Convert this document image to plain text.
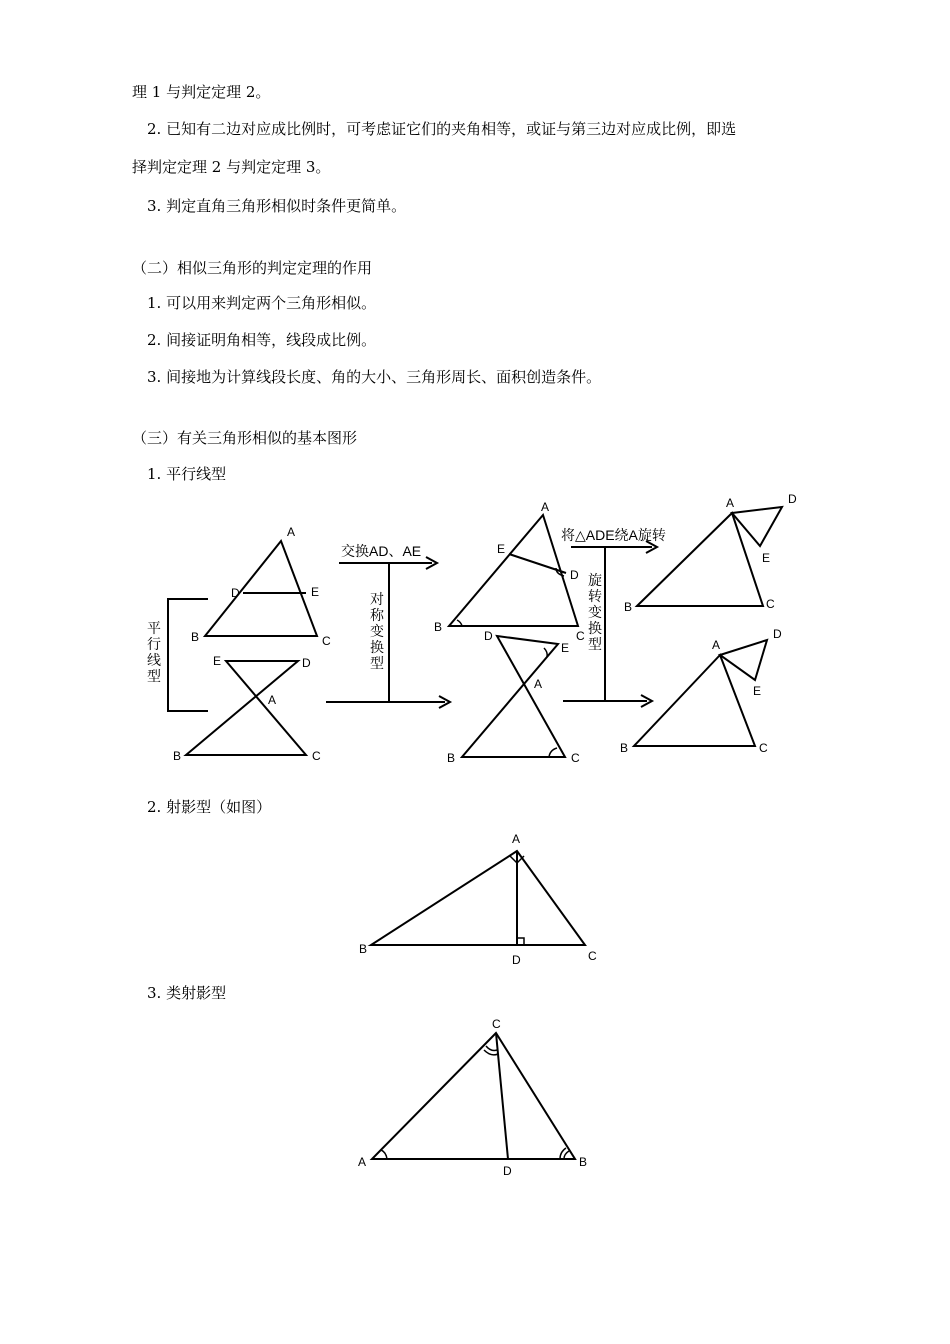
理 1 与判定定理 2。
2. 已知有二边对应成比例时，可考虑证它们的夹角相等，或证与第三边对应成比例，即选
择判定定理 2 与判定定理 3。
3. 判定直角三角形相似时条件更简单。
（二）相似三角形的判定定理的作用
1. 可以用来判定两个三角形相似。
2. 间接证明角相等，线段成比例。
3. 间接地为计算线段长度、角的大小、三角形周长、面积创造条件。
（三）有关三角形相似的基本图形
1. 平行线型
2. 射影型（如图）
3. 类射影型
平
行
线
型
A
D	E
B	C
E	D
A
B	C
交换AD、AE
对
称
变
换
型
A
E
D
B
C
D
E
A
B	C
将△ADE绕A旋转
旋
转
变
换
型
A	D
E
B	C
A
D
E
B	C
A
B
D	C
C
A
D
B
